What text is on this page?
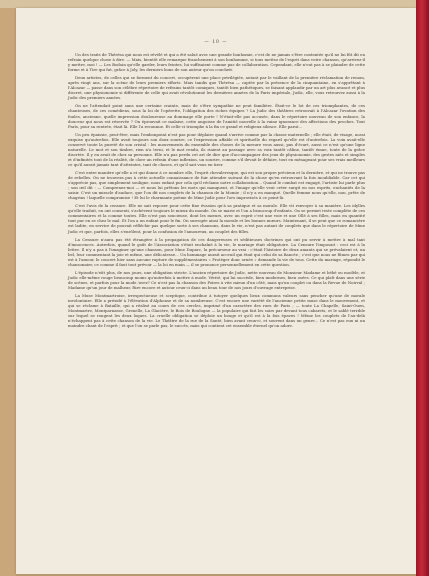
— 10 —

Un des traits de Thérésa qui nous est révélé et qui a été salué avec une grande bonhomie, c'est de ne jamais s'être contentée qu'il ne lui fût dit en refrain quelque chose à dire. — Mais, bientôt elle remarque franchement à son bonhomme, si tous mettez de l'esprit dans votre chanson, qu'arrivez-il y mettre, moi ! — Les Bodoin qu'elle garder, leurs feintes, lui suffisaient comme pas de collaboration. Cependant, elle n'eut pas à se plaindre de cette forme et à Tire qui fut, grâce à Joly, les derniers bons de son auteur qu'on coucheit.

Deux artistes, de celles qui se forment du concert, occupèrent une place privilégiée, autant par le vaillant de la première réclamation de renom, après vingt ans, sur la scène de leurs premiers efforts. Mais tandis que Thérésa — captée par la présence de la cinquantaine, en s'apprêtant à l'Alcazar — passe dans son célèbre répertoire de refrains tantôt comiques, tantôt bien pathétiques, se faisant applaudir par un art plus avancé et plus discret, une physionomie si différente de celle qui avait révolutionné les dernières années de la Paris impériale, Judic, elle, vous retrouvez aussi à la Judic des premiers années.

On ne l'attendait point sans une certaine crainte, mais de s'être sympathie ne peut familière. Était-ce le lot de ces triomphantes, de ces chanteuses, de ces comédiens, sous la loi de l'opérette, l'obligation des riches équipes ? La Judic des théâtres retrouvait à l'Alcazar l'ovation des foules, ancienne, quelle impression douloureuse au dommage elle porte ! N'était-elle pas accusée, dans le répertoire nouveau de son enfance, la douceur qui nous est réservée ? On éprouvait ce malaise, cette angoisse de l'amitié nouvelle à la vaine ignorance des affections des proches. Tout Paris, pour sa rentrée, était là. Elle l'a reconnue. Et celle-ci triomphe à la fin ce grand et religieux silence. Elle parut...

Un peu épaissie, peut-être, mais l'embonpoint n'est pas pour déplaire quand s'arrive comme par la chasse maternelle ; elle était, de visage, aussi exquise qu'autrefois. Elle avait toujours son doux sourire, ce l'expression affable et spirituelle du regard qu'elle est d'autrefois. La voix avait-elle conservé toute la pureté de son cristal : les mouvements du ensemble des choses de la mesure vous aussi, pas d'écart, aussi ce n'est qu'une ligne naturelle. Le mot et son timbre, rien n'a terni, et le mot rendu, ils riaient au passage avec sa voix tantôt câline, tantôt émue, toute de la grâce discrète. Il y en avait de chez sa personne. Elle n'a pas perdu cet art de dire que d'accompagner des jeux de physionomie, des gestes niés et simples et d'infinités tout de la réalité, de clore un refrain d'une inflexion, un sourire, comme s'il devait le défaire, tout en ménageant pour ses vrais meilleurs ce qu'il aurait jamais tant d'atteintes, tant de choses, et qu'il sait vous en tirer.

C'est entre manière qu'elle a et qui donne à ce nombre elle, l'esprit chevaleresque, qui est son propre précieux et la dernière, et qui ne trouve pas de rebelles. On ne trouvera pas à cette actuelle connaissance de fuir attendre suivant de la chose qu'en retrouvant la fois inoubliable. Car cet qui s'apprécie pas, que simplement souligne, nous enfant pur cela qu'il réclame notre collaboration... Quand le combat est engagé, l'artiste lui parle plus ; son œil dit : — Comprenez-moi — et nous lui prêtons les mots qui manquent, et l'image qu'elle veut créer surgit en nos esprits, enchantés de la saisir. C'est un miracle d'audace, que l'on dit nos couplets de la chanson de la Momie ; il n'y a en manqué. Quelle femme nous qu'elle, non, prête de chagrins ! laquelle compromise ! Et lui le charmante poème de Mme Judic pour l'ors improvisés à ce point-là.

C'est l'avis de la censure. Elle ne sait reposer pour cette fine évasion qu'à sa pratique et sa morale. Elle vit renvoyer à sa manière. Les idylles qu'elle traduit, en ont consenti, s'achèvent toujours le mieux du monde. On se marie et l'on a beaucoup d'enfants. On se permet teste complète de ces commentaires et la comme toutes. Elle n'est pas soucieuse, dont les mœurs, avec un esprit c'est une voie et une Ollé à ses filles, mais en quantité tout pur en se chez le mal. Et l'on a un enfant pour le fin. On surrogée ainsi la morale et les bonnes mœurs. Maintenant, il se peut que ce romancière est ladite, en service de pouvait réfléchir pas quelque sorte à ses chansons, dans le vie, n'est pas autant de couplets que dans le répertoire de Mme Judic et que, parfois, elles s'enrôlent, pour la confusion de l'amoureux, au couplet des filles.

La Censure n'aura pas été étrangère à la propagation de ces dangereuses et séditieuses doctrines qui ont pu servir à mettre à mal tant d'innocences. Autrefois, quand le goût de l'Association s'était enchaîné à la vie, le mariage était obligatoire. La Censure l'imposait : ceci est à la lettre. Il n'y a pas à l'imaginer qu'une chanson, pour Mme Duparc, la précurseur au vrai : c'était l'histoire de deux amants qui se prévalaient et, un bel, leur commentant la joie et même, une délicatesse... Un hommage aurait acceuil qui était qui celui de sa fiancée ; c'est que nous ne fûmes par qui est à l'amour, le concert hier sans aucune rupture de supplémentaires « Protéger donc ornée » demande la vie de tous. Cette du mariage, répondit le chansonnier, ce comme il faut tout prévoir — la loi en main — il se prononce personnellement en cette question.

L'épisode n'eût plus, de nos jours, une obligation stricte. L'ancien répertoire de Judic, nette nouveau de Monsieur Madame et bébé ou modèle, et Judic elle-même rouge beaucoup moins qu'autrefois à mettre à mode. Vérité, qui lui succède, bien modernes, bien osées. Ce qui plaît dans une série de scènes, et parfois pour la mode.'avez? Ce n'est pas la chanson des Foires à vite mieux d'un côté, mais qu'un couplet ou dans la Revue de Noirval ; Madame qu'un jour de malheur, Rire encore et autour ceux-ci dans un beau tour de nos jours d'ouvrage entreprise.

La Muse Montmartroise, irrespectueuse et sceptique, contribue à tutoyer quelques lieux communs valeurs sans pencher qu'une de morale involontaire. Elle a présidé à l'élévation d'Alphonse et de sa nombreuse. C'est encore une variété de l'ancienne petite muse dans le mouvement, et qui se réclame à Bataille, qui a réalisé au cours de ces cercles, imprimé d'un caractère des rues de Paris ; — toute La Chapelle, Saint-Ouen, Montmartre, Montparnasse, Grenelle, La Glacière, le Bois de Boulogne — la populaire qui fait les soirs par devant tous cabarets, et le sablé terrible sur lequel se rongent les deux loques. La cruelle obligation se déploie un bouge et qu'il est à la fois épaves ! Même les couplets de l'au-delà n'échappent pas à cette chanson de la vie. Le Théâtre de la rue de la Santé, bien avant ceux-ci, et souvent dans un genre... Ce n'est pas eux ni un moindre chant de l'esprit ; et que l'on se parle pas, le succès, mais qui contient cet ensemble éternel qu'on adore.
